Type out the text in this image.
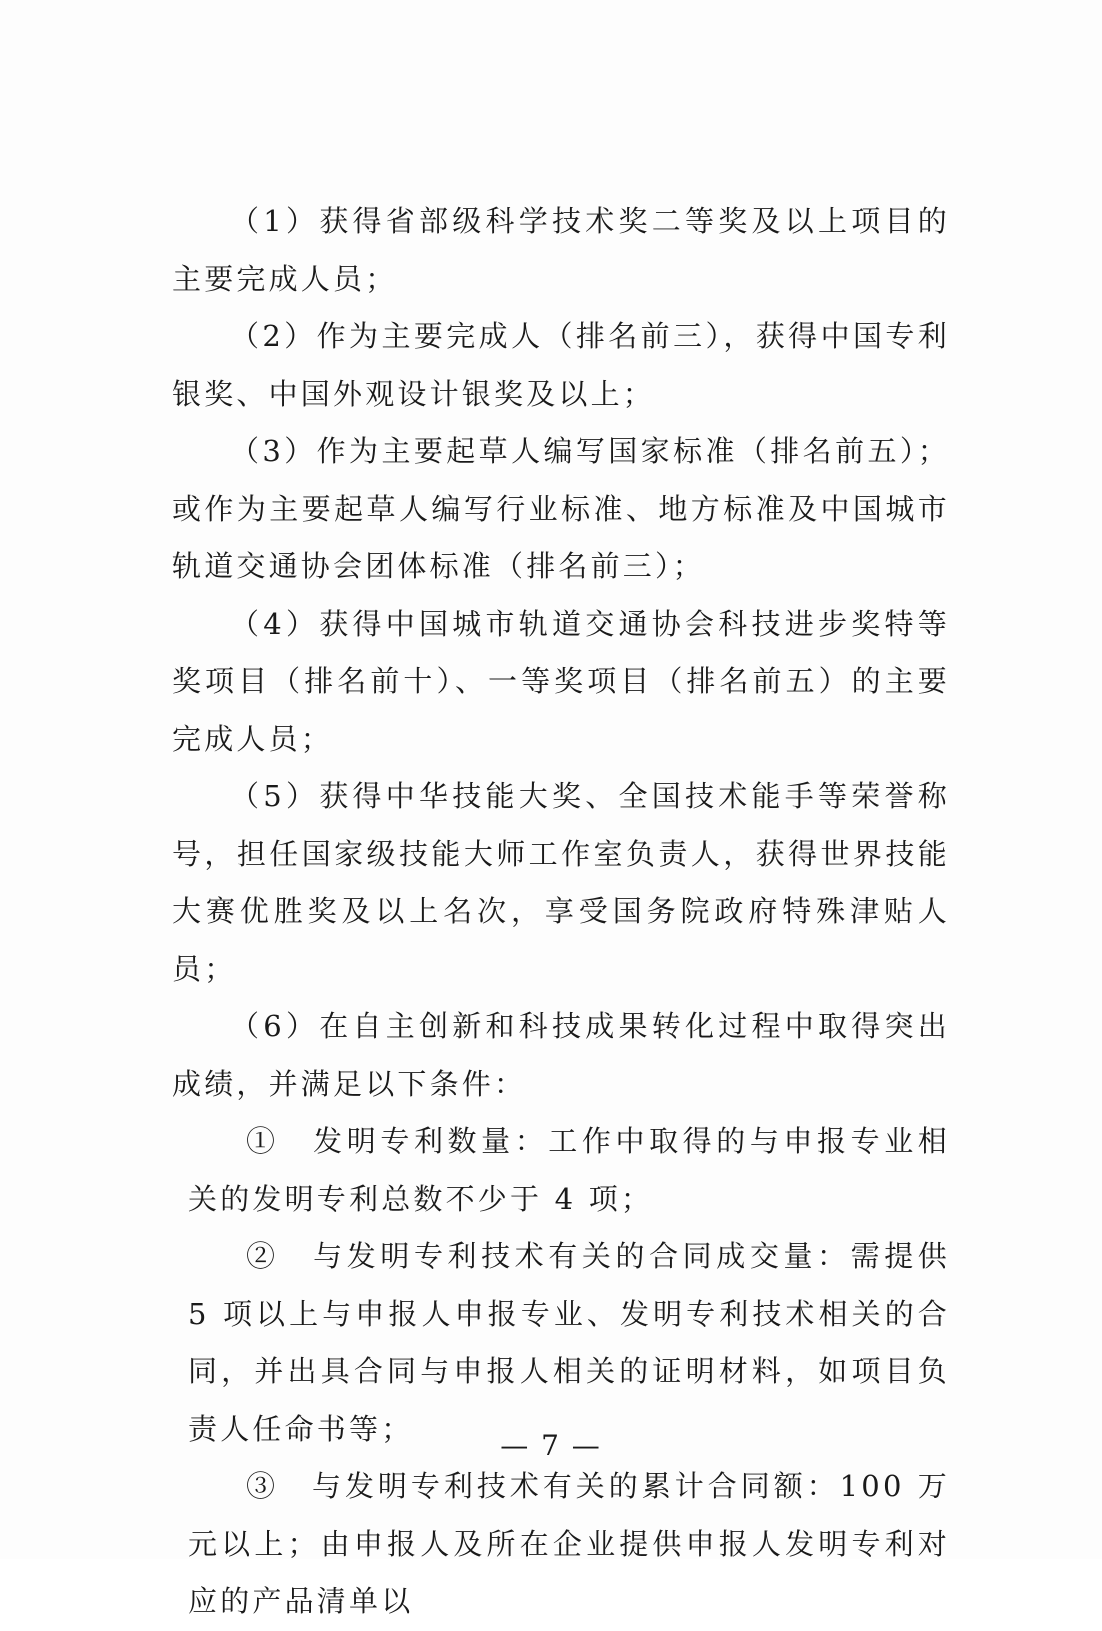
（1）获得省部级科学技术奖二等奖及以上项目的主要完成人员；

（2）作为主要完成人（排名前三），获得中国专利银奖、中国外观设计银奖及以上；

（3）作为主要起草人编写国家标准（排名前五）；或作为主要起草人编写行业标准、地方标准及中国城市轨道交通协会团体标准（排名前三）；

（4）获得中国城市轨道交通协会科技进步奖特等奖项目（排名前十）、一等奖项目（排名前五）的主要完成人员；

（5）获得中华技能大奖、全国技术能手等荣誉称号，担任国家级技能大师工作室负责人，获得世界技能大赛优胜奖及以上名次，享受国务院政府特殊津贴人员；

（6）在自主创新和科技成果转化过程中取得突出成绩，并满足以下条件：

①　发明专利数量：工作中取得的与申报专业相关的发明专利总数不少于 4 项；

②　与发明专利技术有关的合同成交量：需提供 5 项以上与申报人申报专业、发明专利技术相关的合同，并出具合同与申报人相关的证明材料，如项目负责人任命书等；

③　与发明专利技术有关的累计合同额：100 万元以上；由申报人及所在企业提供申报人发明专利对应的产品清单以

— 7 —
